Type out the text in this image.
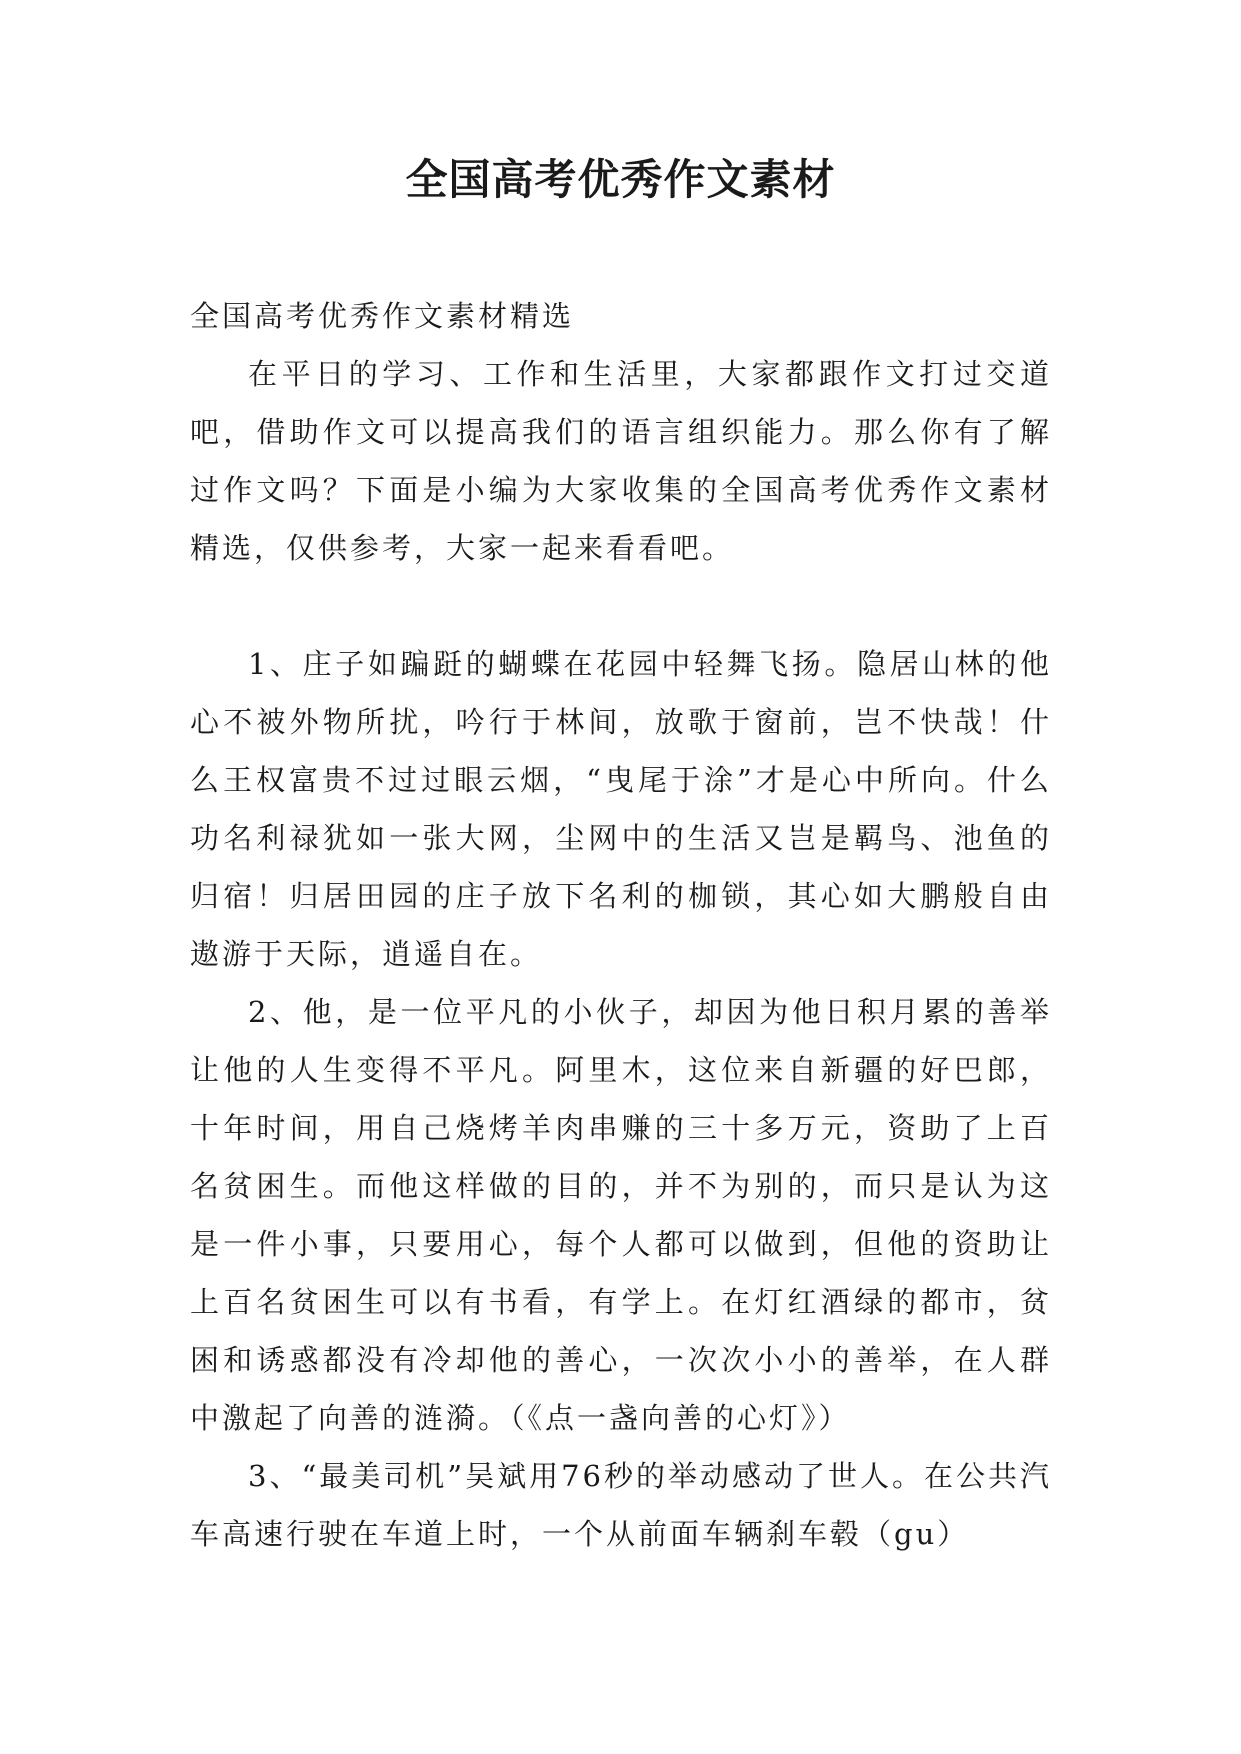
全国高考优秀作文素材

全国高考优秀作文素材精选

在平日的学习、工作和生活里，大家都跟作文打过交道吧，借助作文可以提高我们的语言组织能力。那么你有了解过作文吗？下面是小编为大家收集的全国高考优秀作文素材精选，仅供参考，大家一起来看看吧。

1、庄子如蹁跹的蝴蝶在花园中轻舞飞扬。隐居山林的他心不被外物所扰，吟行于林间，放歌于窗前，岂不快哉！什么王权富贵不过过眼云烟，“曳尾于涂”才是心中所向。什么功名利禄犹如一张大网，尘网中的生活又岂是羁鸟、池鱼的归宿！归居田园的庄子放下名利的枷锁，其心如大鹏般自由遨游于天际，逍遥自在。

2、他，是一位平凡的小伙子，却因为他日积月累的善举让他的人生变得不平凡。阿里木，这位来自新疆的好巴郎，十年时间，用自己烧烤羊肉串赚的三十多万元，资助了上百名贫困生。而他这样做的目的，并不为别的，而只是认为这是一件小事，只要用心，每个人都可以做到，但他的资助让上百名贫困生可以有书看，有学上。在灯红酒绿的都市，贫困和诱惑都没有冷却他的善心，一次次小小的善举，在人群中激起了向善的涟漪。（《点一盏向善的心灯》）

3、“最美司机”吴斌用76秒的举动感动了世人。在公共汽车高速行驶在车道上时，一个从前面车辆刹车毂（gu）
